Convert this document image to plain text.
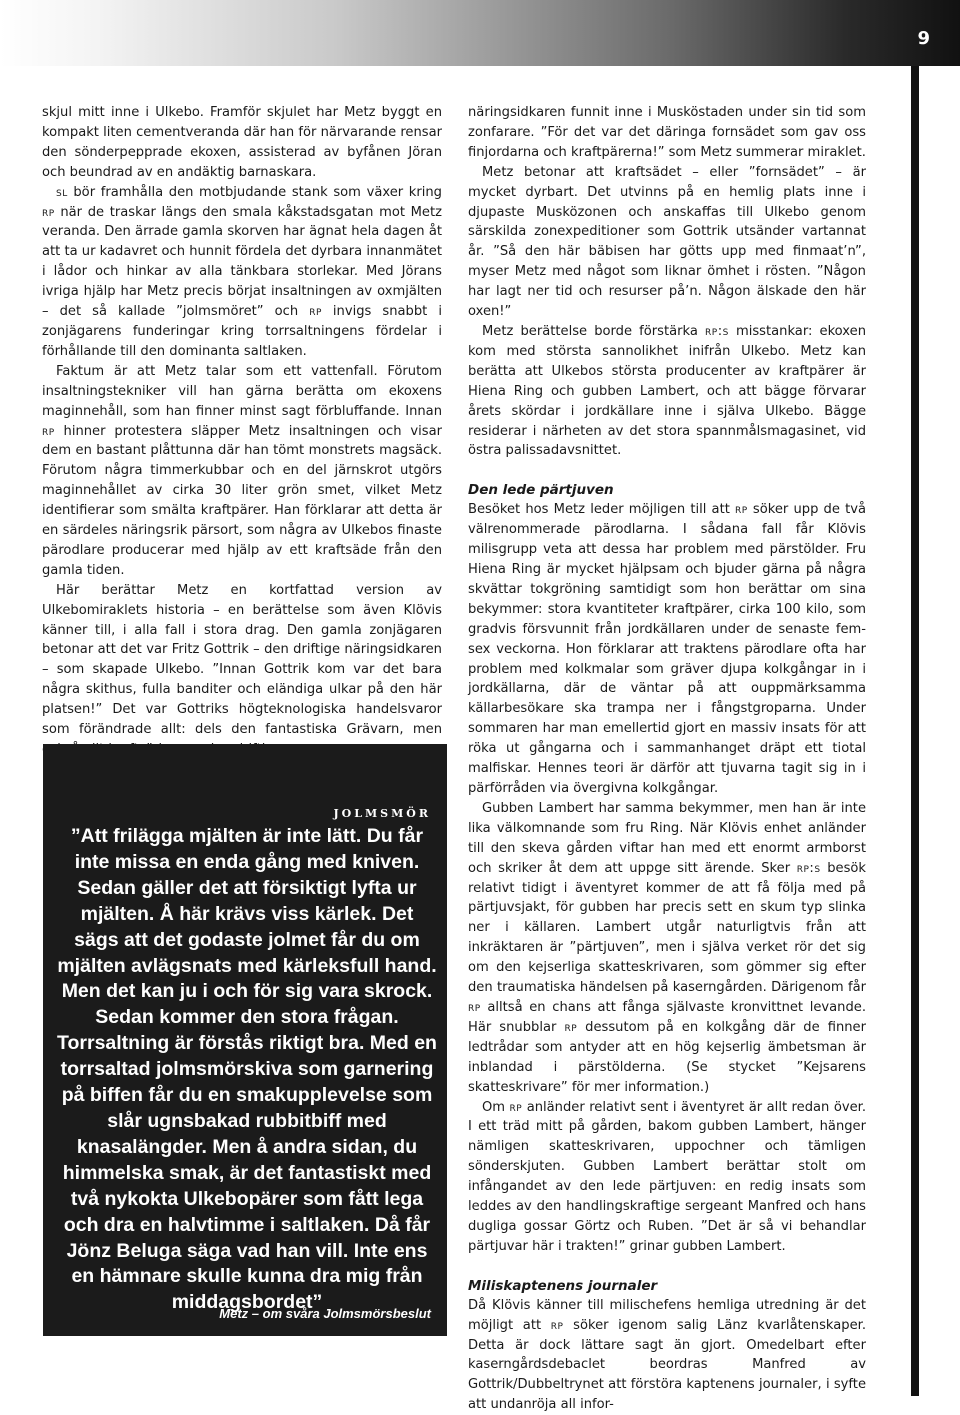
9

skjul mitt inne i Ulkebo. Framför skjulet har Metz byggt en kompakt liten cementveranda där han för närvarande rensar den sönderpepprade ekoxen, assisterad av byfånen Jöran och beundrad av en andäktig barnaskara.

sl bör framhålla den motbjudande stank som växer kring rp när de traskar längs den smala kåkstadsgatan mot Metz veranda. Den ärrade gamla skorven har ägnat hela dagen åt att ta ur kadavret och hunnit fördela det dyrbara innanmätet i lådor och hinkar av alla tänkbara storlekar. Med Jörans ivriga hjälp har Metz precis börjat insaltningen av oxmjälten – det så kallade ”jolmsmöret” och rp invigs snabbt i zonjägarens funderingar kring torrsaltningens fördelar i förhållande till den dominanta saltlaken.

Faktum är att Metz talar som ett vattenfall. Förutom insaltningstekniker vill han gärna berätta om ekoxens maginnehåll, som han finner minst sagt förbluffande. Innan rp hinner protestera släpper Metz insaltningen och visar dem en bastant plåttunna där han tömt monstrets magsäck. Förutom några timmerkubbar och en del järnskrot utgörs maginnehållet av cirka 30 liter grön smet, vilket Metz identifierar som smälta kraftpärer. Han förklarar att detta är en särdeles näringsrik pärsort, som några av Ulkebos finaste pärodlare producerar med hjälp av ett kraftsäde från den gamla tiden.

Här berättar Metz en kortfattad version av Ulkebomiraklets historia – en berättelse som även Klövis känner till, i alla fall i stora drag. Den gamla zonjägaren betonar att det var Fritz Gottrik – den driftige näringsidkaren – som skapade Ulkebo. ”Innan Gottrik kom var det bara några skithus, fulla banditer och eländiga ulkar på den här platsen!” Det var Gottriks högteknologiska handelsvaror som förändrade allt: dels den fantastiska Grävarn, men

jolmsmör
”Att frilägga mjälten är inte lätt. Du får inte missa en enda gång med kniven. Sedan gäller det att försiktigt lyfta ur mjälten. Å här krävs viss kärlek. Det sägs att det godaste jolmet får du om mjälten avlägsnats med kärleksfull hand. Men det kan ju i och för sig vara skrock. Sedan kommer den stora frågan. Torrsaltning är förstås riktigt bra. Med en torrsaltad jolmsmörskiva som garnering på biffen får du en smakupplevelse som slår ugnsbakad rubbitbiff med knasalängder. Men å andra sidan, du himmelska smak, är det fantastiskt med två nykokta Ulkebopärer som fått lega och dra en halvtimme i saltlaken. Då får Jönz Beluga säga vad han vill. Inte ens en hämnare skulle kunna dra mig från middagsbordet”
Metz – om svåra Jolmsmörsbeslut

näringsidkaren funnit inne i Musköstaden under sin tid som zonfarare. ”För det var det däringa fornsädet som gav oss finjordarna och kraftpärerna!” som Metz summerar miraklet.

Metz betonar att kraftsädet – eller ”fornsädet” – är mycket dyrbart. Det utvinns på en hemlig plats inne i djupaste Musközonen och anskaffas till Ulkebo genom särskilda zonexpeditioner som Gottrik utsänder vartannat år. ”Så den här bäbisen har götts upp med finmaat’n”, myser Metz med något som liknar ömhet i rösten. ”Någon har lagt ner tid och resurser på’n. Någon älskade den här oxen!”

Metz berättelse borde förstärka rp:s misstankar: ekoxen kom med största sannolikhet inifrån Ulkebo. Metz kan berätta att Ulkebos största producenter av kraftpärer är Hiena Ring och gubben Lambert, och att bägge förvarar årets skördar i jordkällare inne i själva Ulkebo. Bägge residerar i närheten av det stora spannmålsmagasinet, vid östra palissadavsnittet.

Den lede pärtjuven

Besöket hos Metz leder möjligen till att rp söker upp de två välrenommerade pärodlarna. I sådana fall får Klövis milisgrupp veta att dessa har problem med pärstölder. Fru Hiena Ring är mycket hjälpsam och bjuder gärna på några skvättar tokgröning samtidigt som hon berättar om sina bekymmer: stora kvantiteter kraftpärer, cirka 100 kilo, som gradvis försvunnit från jordkällaren under de senaste fem-sex veckorna. Hon förklarar att traktens pärodlare ofta har problem med kolkmalar som gräver djupa kolkgångar in i jordkällarna, där de väntar på att ouppmärksamma källarbesökare ska trampa ner i fångstgroparna. Under sommaren har man emellertid gjort en massiv insats för att röka ut gångarna och i sammanhanget dräpt ett tiotal malfiskar. Hennes teori är därför att tjuvarna tagit sig in i pärförråden via övergivna kolkgångar.

Gubben Lambert har samma bekymmer, men han är inte lika välkomnande som fru Ring. När Klövis enhet anländer till den skeva gården viftar han med ett enormt armborst och skriker åt dem att uppge sitt ärende. Sker rp:s besök relativt tidigt i äventyret kommer de att få följa med på pärtjuvsjakt, för gubben har precis sett en skum typ slinka ner i källaren. Lambert utgår naturligtvis från att inkräktaren är ”pärtjuven”, men i själva verket rör det sig om den kejserliga skatteskrivaren, som gömmer sig efter den traumatiska händelsen på kaserngården. Därigenom får rp alltså en chans att fånga självaste kronvittnet levande. Här snubblar rp dessutom på en kolkgång där de finner ledtrådar som antyder att en hög kejserlig ämbetsman är inblandad i pärstölderna. (Se stycket ”Kejsarens skatteskrivare” för mer information.)

Om rp anländer relativt sent i äventyret är allt redan över. I ett träd mitt på gården, bakom gubben Lambert, hänger nämligen skatteskrivaren, uppochner och tämligen sönderskjuten. Gubben Lambert berättar stolt om infångandet av den lede pärtjuven: en redig insats som leddes av den handlingskraftige sergeant Manfred och hans dugliga gossar Görtz och Ruben. ”Det är så vi behandlar pärtjuvar här i trakten!” grinar gubben Lambert.

Miliskaptenens journaler

Då Klövis känner till milischefens hemliga utredning är det möjligt att rp söker igenom salig Länz kvarlåtenskaper. Detta är dock lättare sagt än gjort. Omedelbart efter kaserngårdsdebaclet beordras Manfred av Gottrik/Dubbeltrynet att förstöra kaptenens journaler, i syfte att undanröja all infor-
